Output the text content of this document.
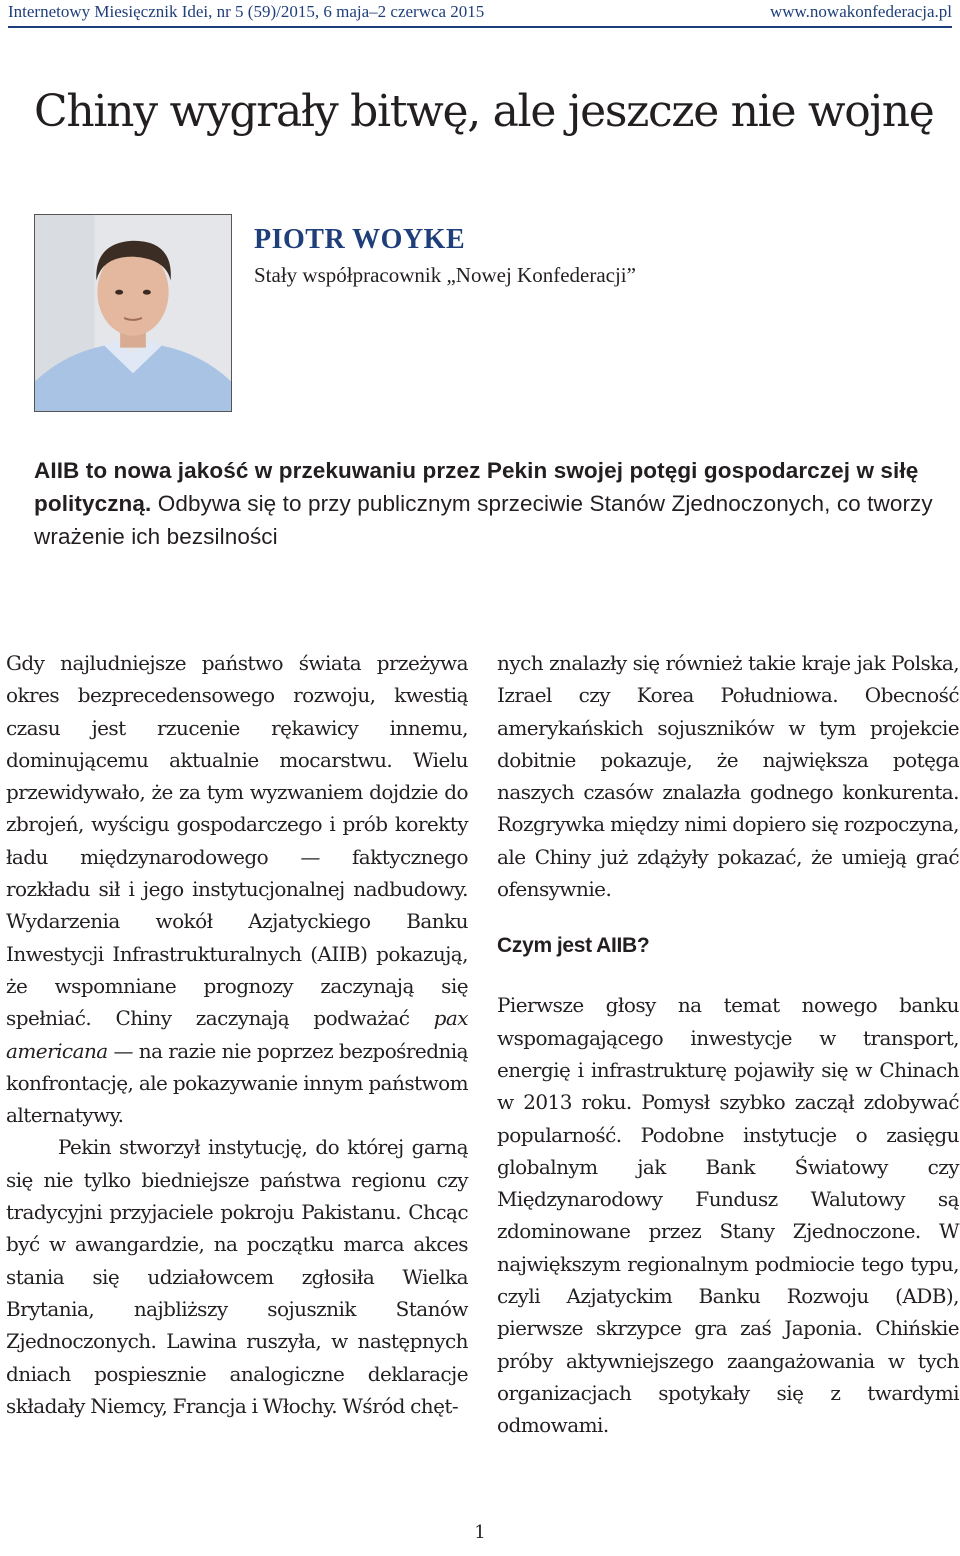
Internetowy Miesięcznik Idei, nr 5 (59)/2015, 6 maja–2 czerwca 2015	www.nowakonfederacja.pl
Chiny wygrały bitwę, ale jeszcze nie wojnę
PIOTR WOYKE
Stały współpracownik „Nowej Konfederacji”

AIIB to nowa jakość w przekuwaniu przez Pekin swojej potęgi gospodarczej w siłę polityczną. Odbywa się to przy publicznym sprzeciwie Stanów Zjednoczonych, co tworzy wrażenie ich bezsilności

Gdy najludniejsze państwo świata przeżywa okres bezprecedensowego rozwoju, kwestią czasu jest rzucenie rękawicy innemu, dominującemu aktualnie mocarstwu. Wielu przewidywało, że za tym wyzwaniem dojdzie do zbrojeń, wyścigu gospodarczego i prób korekty ładu międzynarodowego — faktycznego rozkładu sił i jego instytucjonalnej nadbudowy. Wydarzenia wokół Azjatyckiego Banku Inwestycji Infrastrukturalnych (AIIB) pokazują, że wspomniane prognozy zaczynają się spełniać. Chiny zaczynają podważać pax americana — na razie nie poprzez bezpośrednią konfrontację, ale pokazywanie innym państwom alternatywy.

Pekin stworzył instytucję, do której garną się nie tylko biedniejsze państwa regionu czy tradycyjni przyjaciele pokroju Pakistanu. Chcąc być w awangardzie, na początku marca akces stania się udziałowcem zgłosiła Wielka Brytania, najbliższy sojusznik Stanów Zjednoczonych. Lawina ruszyła, w następnych dniach pospiesznie analogiczne deklaracje składały Niemcy, Francja i Włochy. Wśród chęt-

nych znalazły się również takie kraje jak Polska, Izrael czy Korea Południowa. Obecność amerykańskich sojuszników w tym projekcie dobitnie pokazuje, że największa potęga naszych czasów znalazła godnego konkurenta. Rozgrywka między nimi dopiero się rozpoczyna, ale Chiny już zdążyły pokazać, że umieją grać ofensywnie.

Czym jest AIIB?

Pierwsze głosy na temat nowego banku wspomagającego inwestycje w transport, energię i infrastrukturę pojawiły się w Chinach w 2013 roku. Pomysł szybko zaczął zdobywać popularność. Podobne instytucje o zasięgu globalnym jak Bank Światowy czy Międzynarodowy Fundusz Walutowy są zdominowane przez Stany Zjednoczone. W największym regionalnym podmiocie tego typu, czyli Azjatyckim Banku Rozwoju (ADB), pierwsze skrzypce gra zaś Japonia. Chińskie próby aktywniejszego zaangażowania w tych organizacjach spotykały się z twardymi odmowami.

1
